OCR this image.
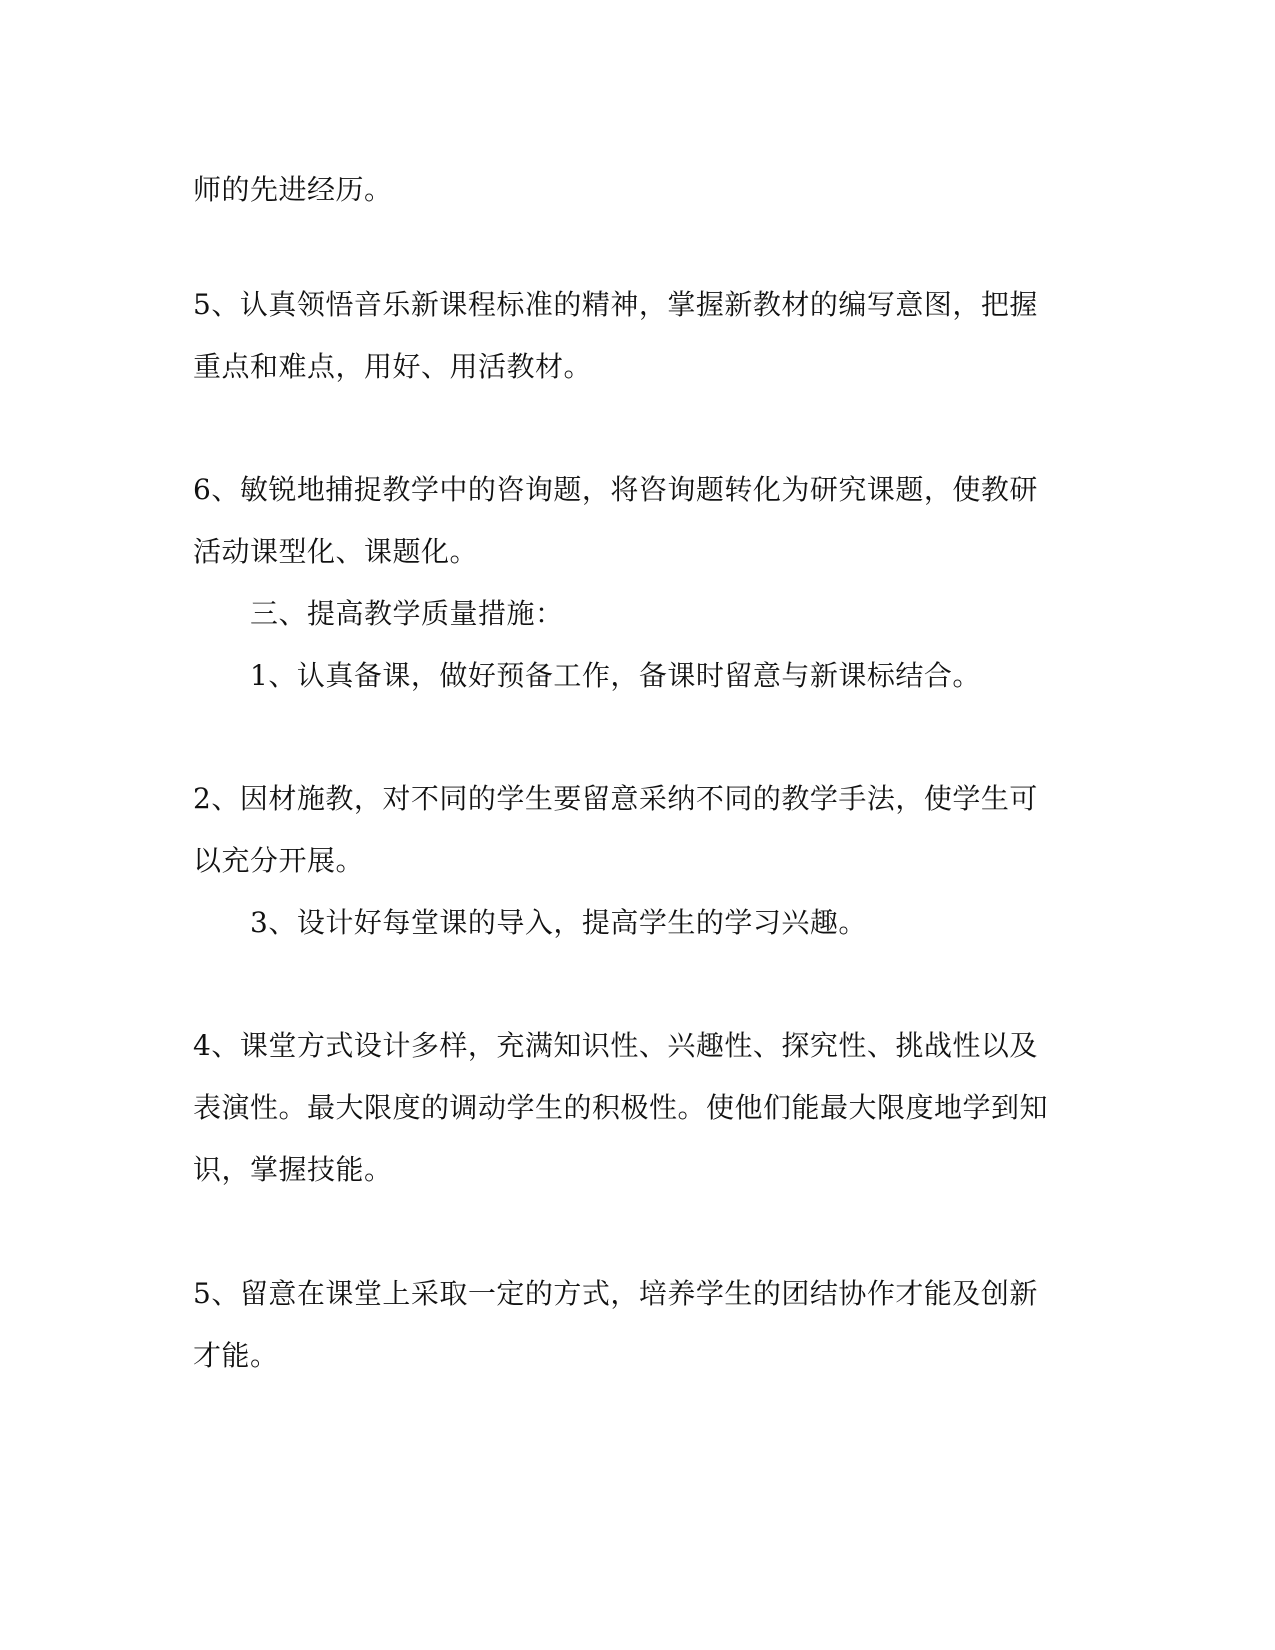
师的先进经历。
5、认真领悟音乐新课程标准的精神，掌握新教材的编写意图，把握
重点和难点，用好、用活教材。
6、敏锐地捕捉教学中的咨询题，将咨询题转化为研究课题，使教研
活动课型化、课题化。
三、提高教学质量措施：
1、认真备课，做好预备工作，备课时留意与新课标结合。
2、因材施教，对不同的学生要留意采纳不同的教学手法，使学生可
以充分开展。
3、设计好每堂课的导入，提高学生的学习兴趣。
4、课堂方式设计多样，充满知识性、兴趣性、探究性、挑战性以及
表演性。最大限度的调动学生的积极性。使他们能最大限度地学到知
识，掌握技能。
5、留意在课堂上采取一定的方式，培养学生的团结协作才能及创新
才能。
